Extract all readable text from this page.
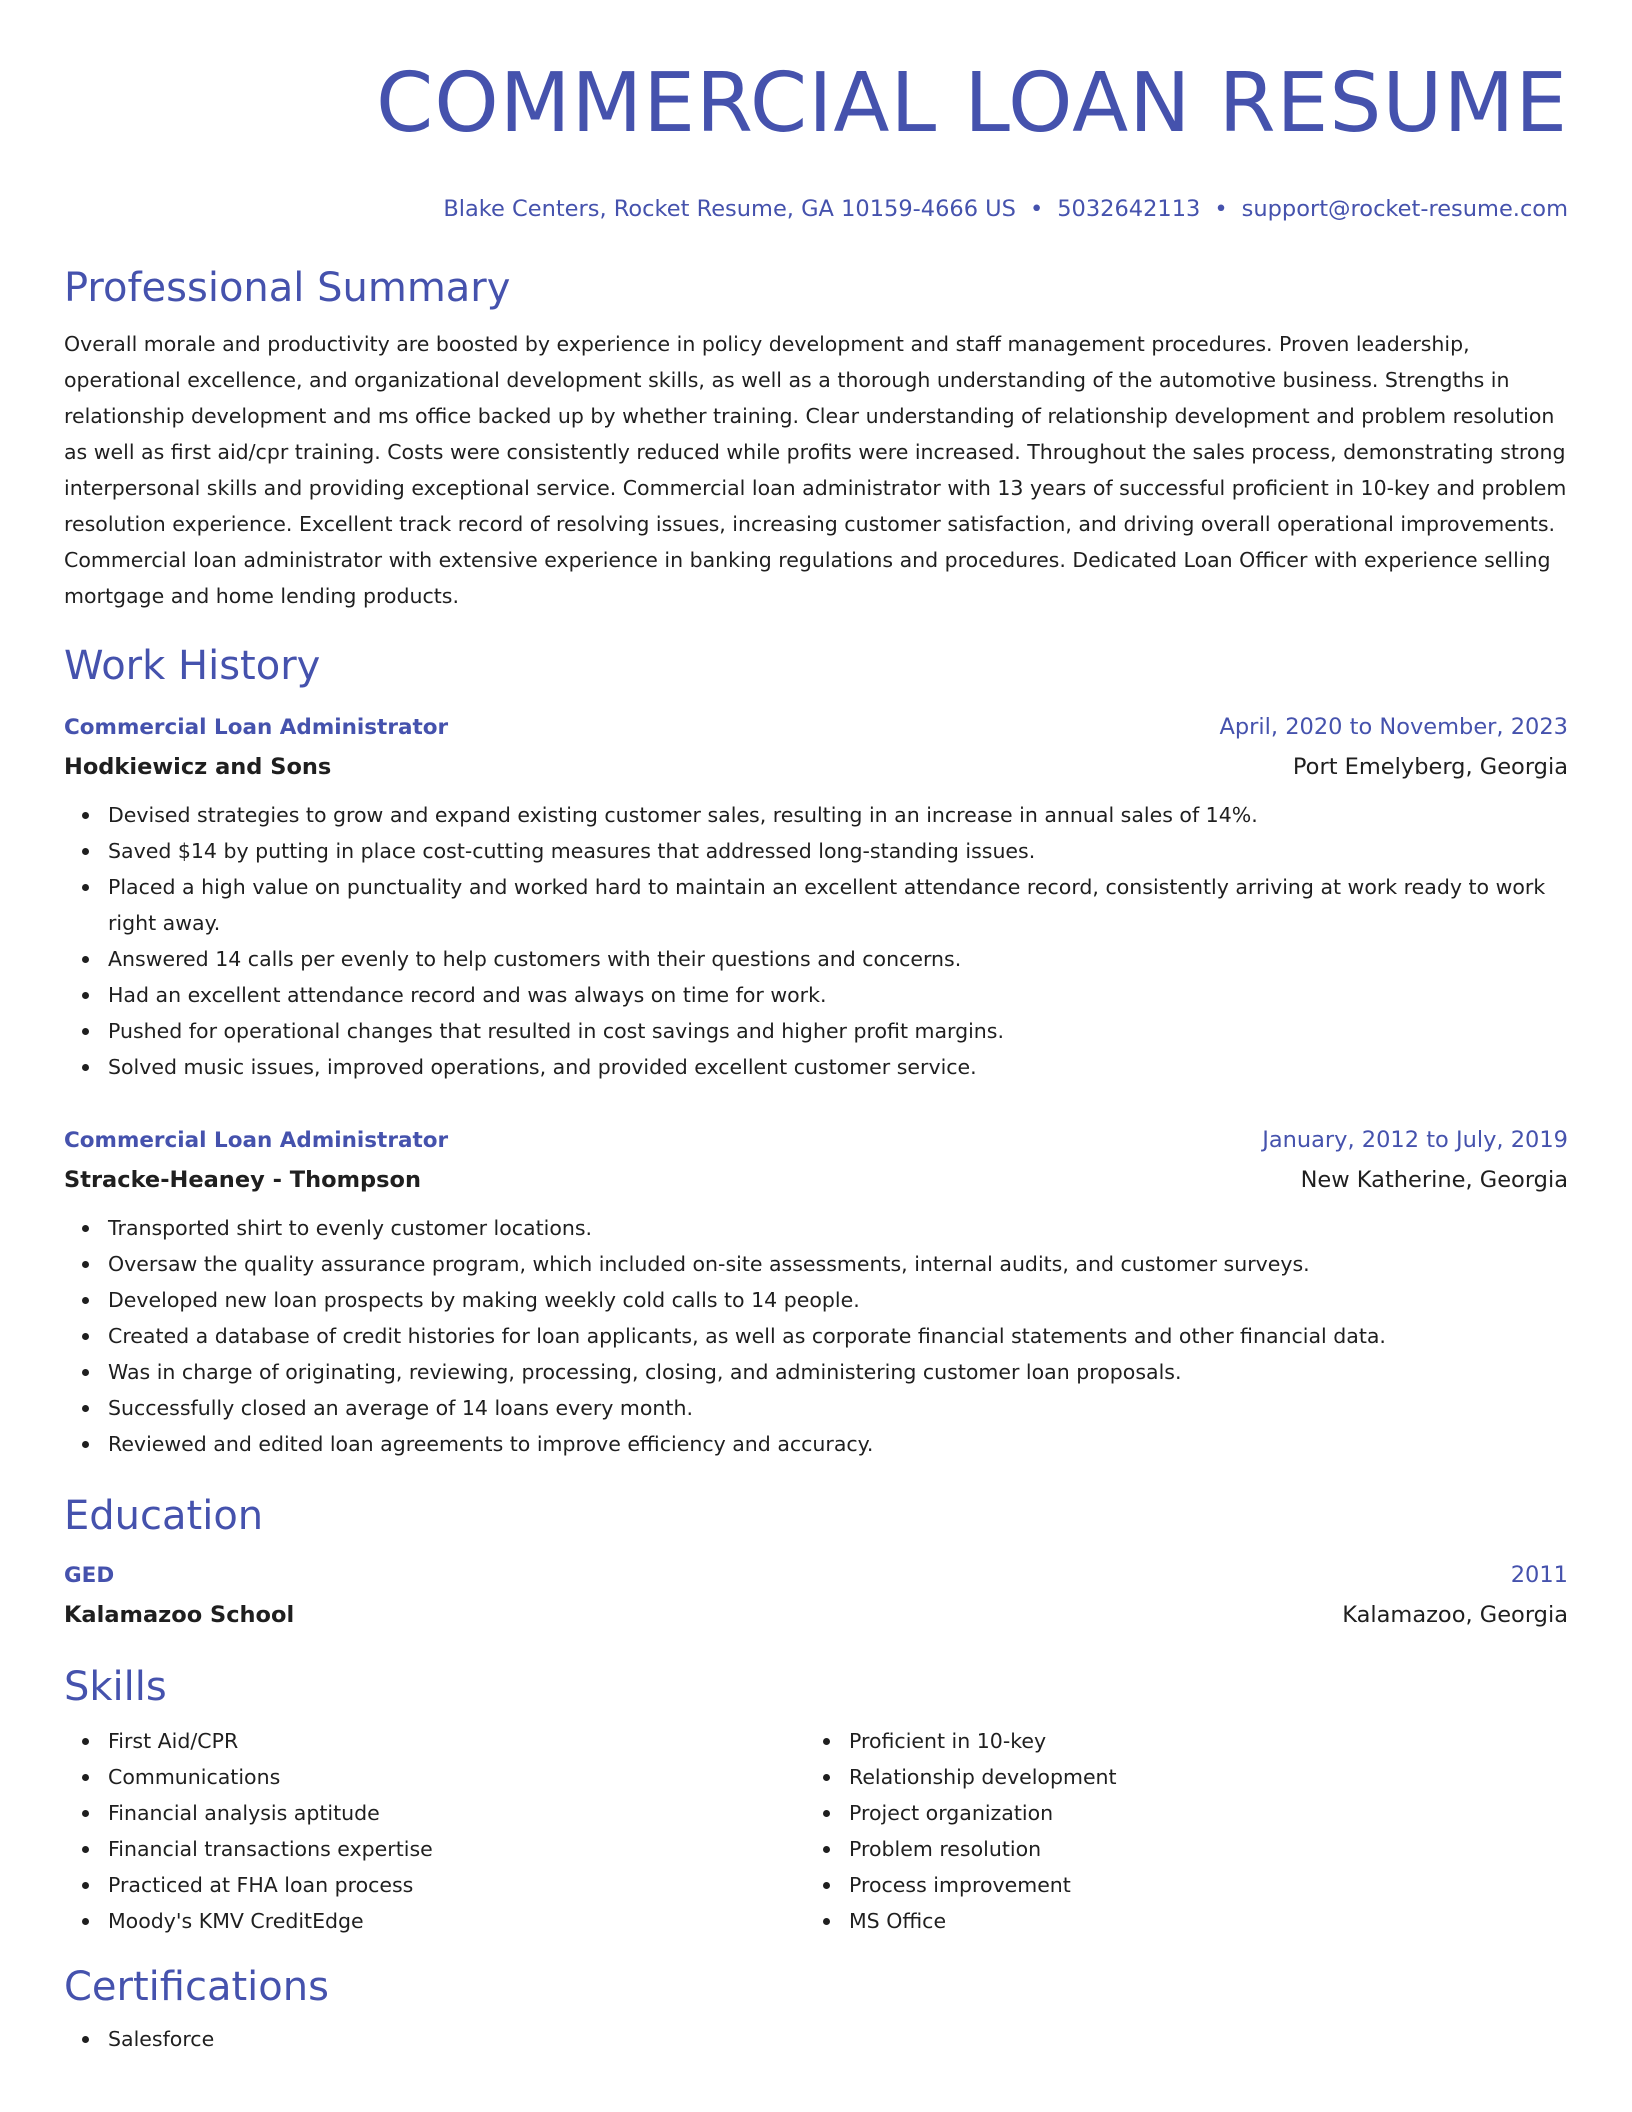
COMMERCIAL LOAN RESUME
Blake Centers, Rocket Resume, GA 10159-4666 US • 5032642113 • support@rocket-resume.com
Professional Summary
Overall morale and productivity are boosted by experience in policy development and staff management procedures. Proven leadership, operational excellence, and organizational development skills, as well as a thorough understanding of the automotive business. Strengths in relationship development and ms office backed up by whether training. Clear understanding of relationship development and problem resolution as well as first aid/cpr training. Costs were consistently reduced while profits were increased. Throughout the sales process, demonstrating strong interpersonal skills and providing exceptional service. Commercial loan administrator with 13 years of successful proficient in 10-key and problem resolution experience. Excellent track record of resolving issues, increasing customer satisfaction, and driving overall operational improvements. Commercial loan administrator with extensive experience in banking regulations and procedures. Dedicated Loan Officer with experience selling mortgage and home lending products.
Work History
Commercial Loan Administrator	April, 2020 to November, 2023
Hodkiewicz and Sons	Port Emelyberg, Georgia
Devised strategies to grow and expand existing customer sales, resulting in an increase in annual sales of 14%.
Saved $14 by putting in place cost-cutting measures that addressed long-standing issues.
Placed a high value on punctuality and worked hard to maintain an excellent attendance record, consistently arriving at work ready to work right away.
Answered 14 calls per evenly to help customers with their questions and concerns.
Had an excellent attendance record and was always on time for work.
Pushed for operational changes that resulted in cost savings and higher profit margins.
Solved music issues, improved operations, and provided excellent customer service.
Commercial Loan Administrator	January, 2012 to July, 2019
Stracke-Heaney - Thompson	New Katherine, Georgia
Transported shirt to evenly customer locations.
Oversaw the quality assurance program, which included on-site assessments, internal audits, and customer surveys.
Developed new loan prospects by making weekly cold calls to 14 people.
Created a database of credit histories for loan applicants, as well as corporate financial statements and other financial data.
Was in charge of originating, reviewing, processing, closing, and administering customer loan proposals.
Successfully closed an average of 14 loans every month.
Reviewed and edited loan agreements to improve efficiency and accuracy.
Education
GED	2011
Kalamazoo School	Kalamazoo, Georgia
Skills
First Aid/CPR
Communications
Financial analysis aptitude
Financial transactions expertise
Practiced at FHA loan process
Moody's KMV CreditEdge
Proficient in 10-key
Relationship development
Project organization
Problem resolution
Process improvement
MS Office
Certifications
Salesforce
